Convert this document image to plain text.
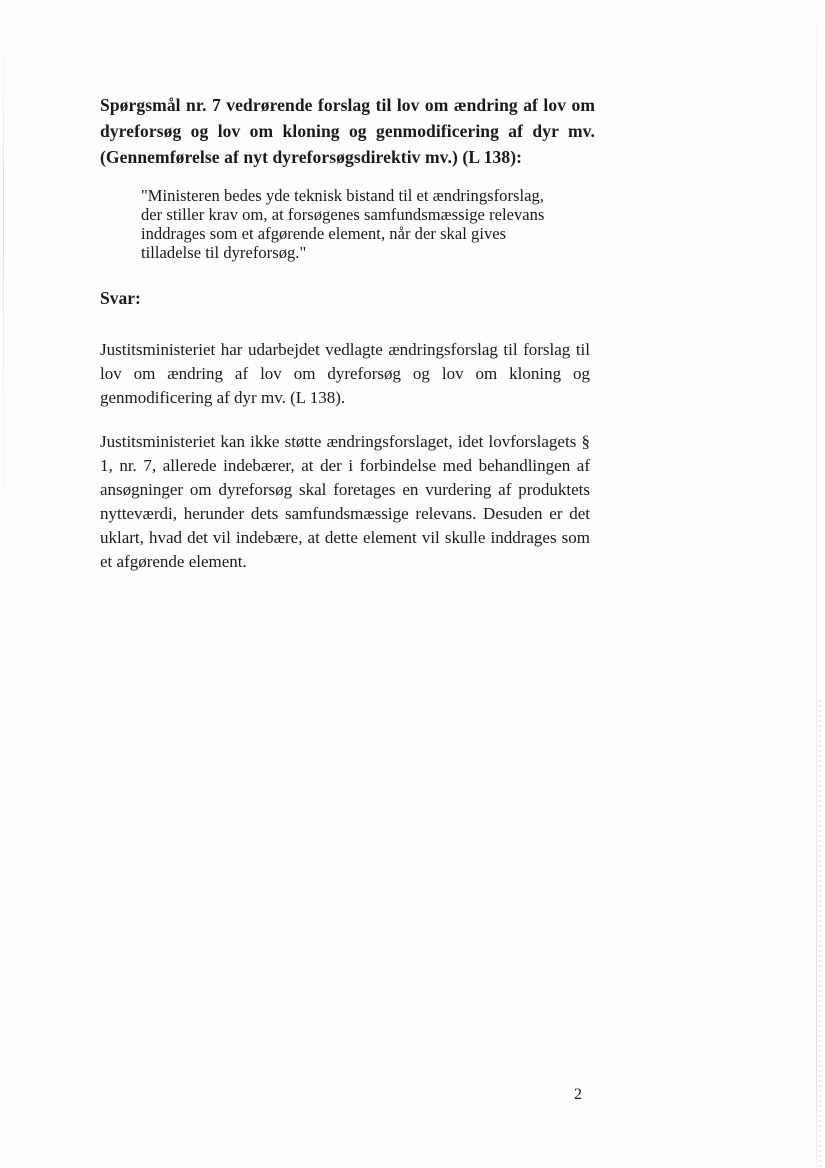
Spørgsmål nr. 7 vedrørende forslag til lov om ændring af lov om dyreforsøg og lov om kloning og genmodificering af dyr mv. (Gennemførelse af nyt dyreforsøgsdirektiv mv.) (L 138):
"Ministeren bedes yde teknisk bistand til et ændringsforslag, der stiller krav om, at forsøgenes samfundsmæssige relevans inddrages som et afgørende element, når der skal gives tilladelse til dyreforsøg."
Svar:
Justitsministeriet har udarbejdet vedlagte ændringsforslag til forslag til lov om ændring af lov om dyreforsøg og lov om kloning og genmodificering af dyr mv. (L 138).
Justitsministeriet kan ikke støtte ændringsforslaget, idet lovforslagets § 1, nr. 7, allerede indebærer, at der i forbindelse med behandlingen af ansøgninger om dyreforsøg skal foretages en vurdering af produktets nytteværdi, herunder dets samfundsmæssige relevans. Desuden er det uklart, hvad det vil indebære, at dette element vil skulle inddrages som et afgørende element.
2
